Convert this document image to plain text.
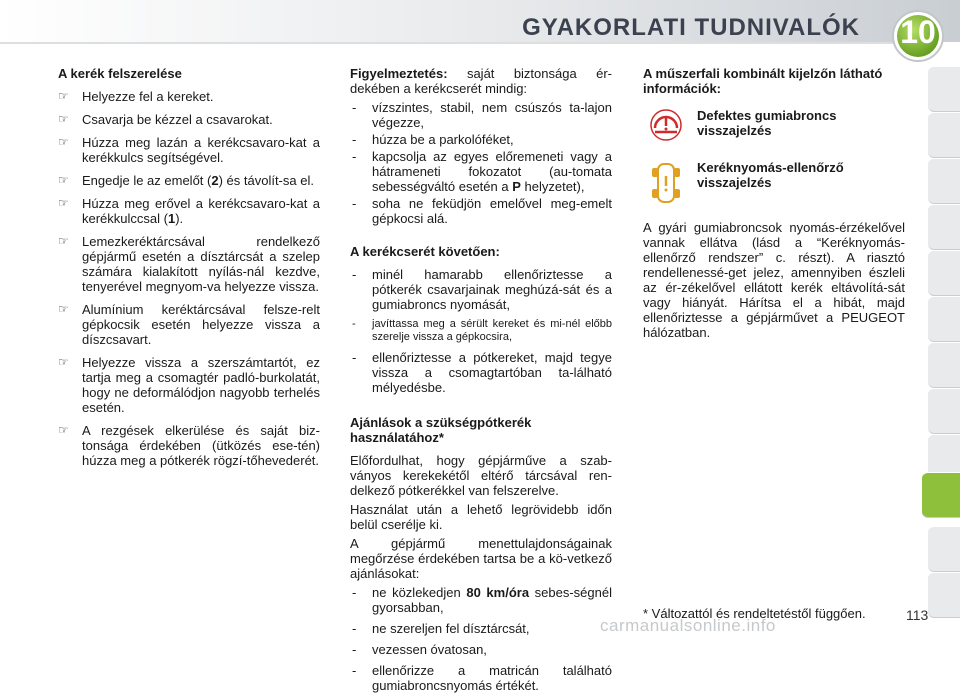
GYAKORLATI TUDNIVALÓK	10
A kerék felszerelése
☞ Helyezze fel a kereket.
☞ Csavarja be kézzel a csavarokat.
☞ Húzza meg lazán a kerékcsavaro-kat a kerékkulcs segítségével.
☞ Engedje le az emelőt (2) és távolít-sa el.
☞ Húzza meg erővel a kerékcsavaro-kat a kerékkulccsal (1).
☞ Lemezkeréktárcsával rendelkező gépjármű esetén a dísztárcsát a szelep számára kialakított nyílás-nál kezdve, tenyerével megnyom-va helyezze vissza.
☞ Alumínium keréktárcsával felsze-relt gépkocsik esetén helyezze vissza a díszcsavart.
☞ Helyezze vissza a szerszámtartót, ez tartja meg a csomagtér padló-burkolatát, hogy ne deformálódjon nagyobb terhelés esetén.
☞ A rezgések elkerülése és saját biz-tonsága érdekében (ütközés ese-tén) húzza meg a pótkerék rögzí-tőhevederét.
Figyelmeztetés: saját biztonsága ér-dekében a kerékcserét mindig:
- vízszintes, stabil, nem csúszós ta-lajon végezze,
- húzza be a parkolóféket,
- kapcsolja az egyes előremeneti vagy a hátrameneti fokozatot (au-tomata sebességváltó esetén a P helyzetet),
- soha ne feküdjön emelővel meg-emelt gépkocsi alá.
A kerékcserét követően:
- minél hamarabb ellenőriztesse a pótkerék csavarjainak meghúzá-sát és a gumiabroncs nyomását,
- javíttassa meg a sérült kereket és mi-nél előbb szerelje vissza a gépkocsira,
- ellenőriztesse a pótkereket, majd tegye vissza a csomagtartóban ta-lálható mélyedésbe.
Ajánlások a szükségpótkerék használatához*
Előfordulhat, hogy gépjárműve a szab-ványos kerekekétől eltérő tárcsával ren-delkező pótkerékkel van felszerelve.
Használat után a lehető legrövidebb időn belül cserélje ki.
A gépjármű menettulajdonságainak megőrzése érdekében tartsa be a kö-vetkező ajánlásokat:
- ne közlekedjen 80 km/óra sebes-ségnél gyorsabban,
- ne szereljen fel dísztárcsát,
- vezessen óvatosan,
- ellenőrizze a matricán található gumiabroncsnyomás értékét.
A műszerfali kombinált kijelzőn látható információk:
Defektes gumiabroncs visszajelzés
Keréknyomás-ellenőrző visszajelzés
A gyári gumiabroncsok nyomás-érzékelővel vannak ellátva (lásd a “Keréknyomás-ellenőrző rendszer” c. részt). A riasztó rendellenessé-get jelez, amennyiben észleli az ér-zékelővel ellátott kerék eltávolítá-sát vagy hiányát. Hárítsa el a hibát, majd ellenőriztesse a gépjárművet a PEUGEOT hálózatban.
* Változattól és rendeltetéstől függően.
carmanualsonline.info
113
